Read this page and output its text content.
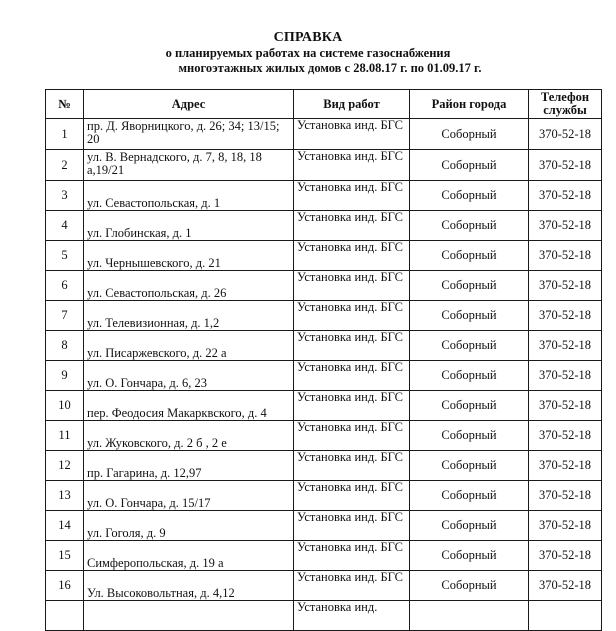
СПРАВКА
о планируемых работах на системе газоснабжения
многоэтажных жилых домов с 28.08.17 г. по 01.09.17 г.
№	Адрес	Вид работ	Район города	Телефон
службы
1	пр. Д. Яворницкого, д. 26; 34; 13/15; 20	Установка инд. БГС	Соборный	370-52-18
2	ул. В. Вернадского, д. 7, 8, 18, 18 а,19/21	Установка инд. БГС	Соборный	370-52-18
3	ул. Севастопольская, д. 1	Установка инд. БГС	Соборный	370-52-18
4	ул. Глобинская, д. 1	Установка инд. БГС	Соборный	370-52-18
5	ул. Чернышевского, д. 21	Установка инд. БГС	Соборный	370-52-18
6	ул. Севастопольская, д. 26	Установка инд. БГС	Соборный	370-52-18
7	ул. Телевизионная, д. 1,2	Установка инд. БГС	Соборный	370-52-18
8	ул. Писаржевского, д. 22 а	Установка инд. БГС	Соборный	370-52-18
9	ул. О. Гончара, д. 6, 23	Установка инд. БГС	Соборный	370-52-18
10	пер. Феодосия Макарквского, д. 4	Установка инд. БГС	Соборный	370-52-18
11	ул. Жуковского, д. 2 б , 2 е	Установка инд. БГС	Соборный	370-52-18
12	пр. Гагарина, д. 12,97	Установка инд. БГС	Соборный	370-52-18
13	ул. О. Гончара, д. 15/17	Установка инд. БГС	Соборный	370-52-18
14	ул. Гоголя, д. 9	Установка инд. БГС	Соборный	370-52-18
15	Симферопольская, д. 19 а	Установка инд. БГС	Соборный	370-52-18
16	Ул. Высоковольтная, д. 4,12	Установка инд. БГС	Соборный	370-52-18
		Установка инд.		
